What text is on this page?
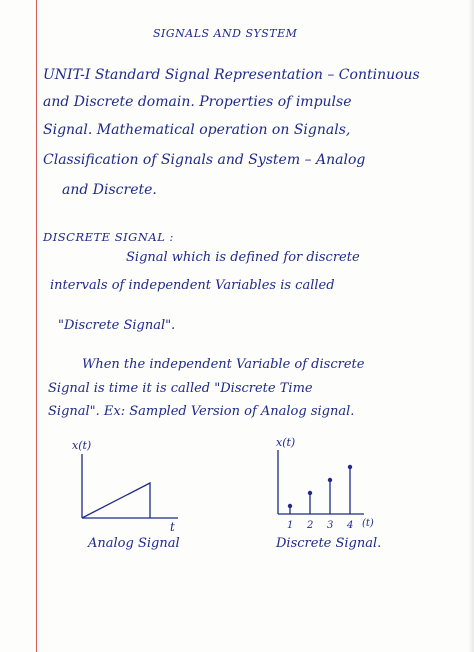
SIGNALS AND SYSTEM
UNIT-I Standard Signal Representation – Continuous
and Discrete domain. Properties of impulse
Signal. Mathematical operation on Signals,
Classification of Signals and System – Analog
and Discrete.
DISCRETE SIGNAL :
Signal which is defined for discrete
intervals of independent Variables is called
"Discrete Signal".
When the independent Variable of discrete
Signal is time it is called "Discrete Time
Signal". Ex: Sampled Version of Analog signal.
x(t)
t
Analog Signal
x(t)
1 2 3 4 (t)
Discrete Signal.
